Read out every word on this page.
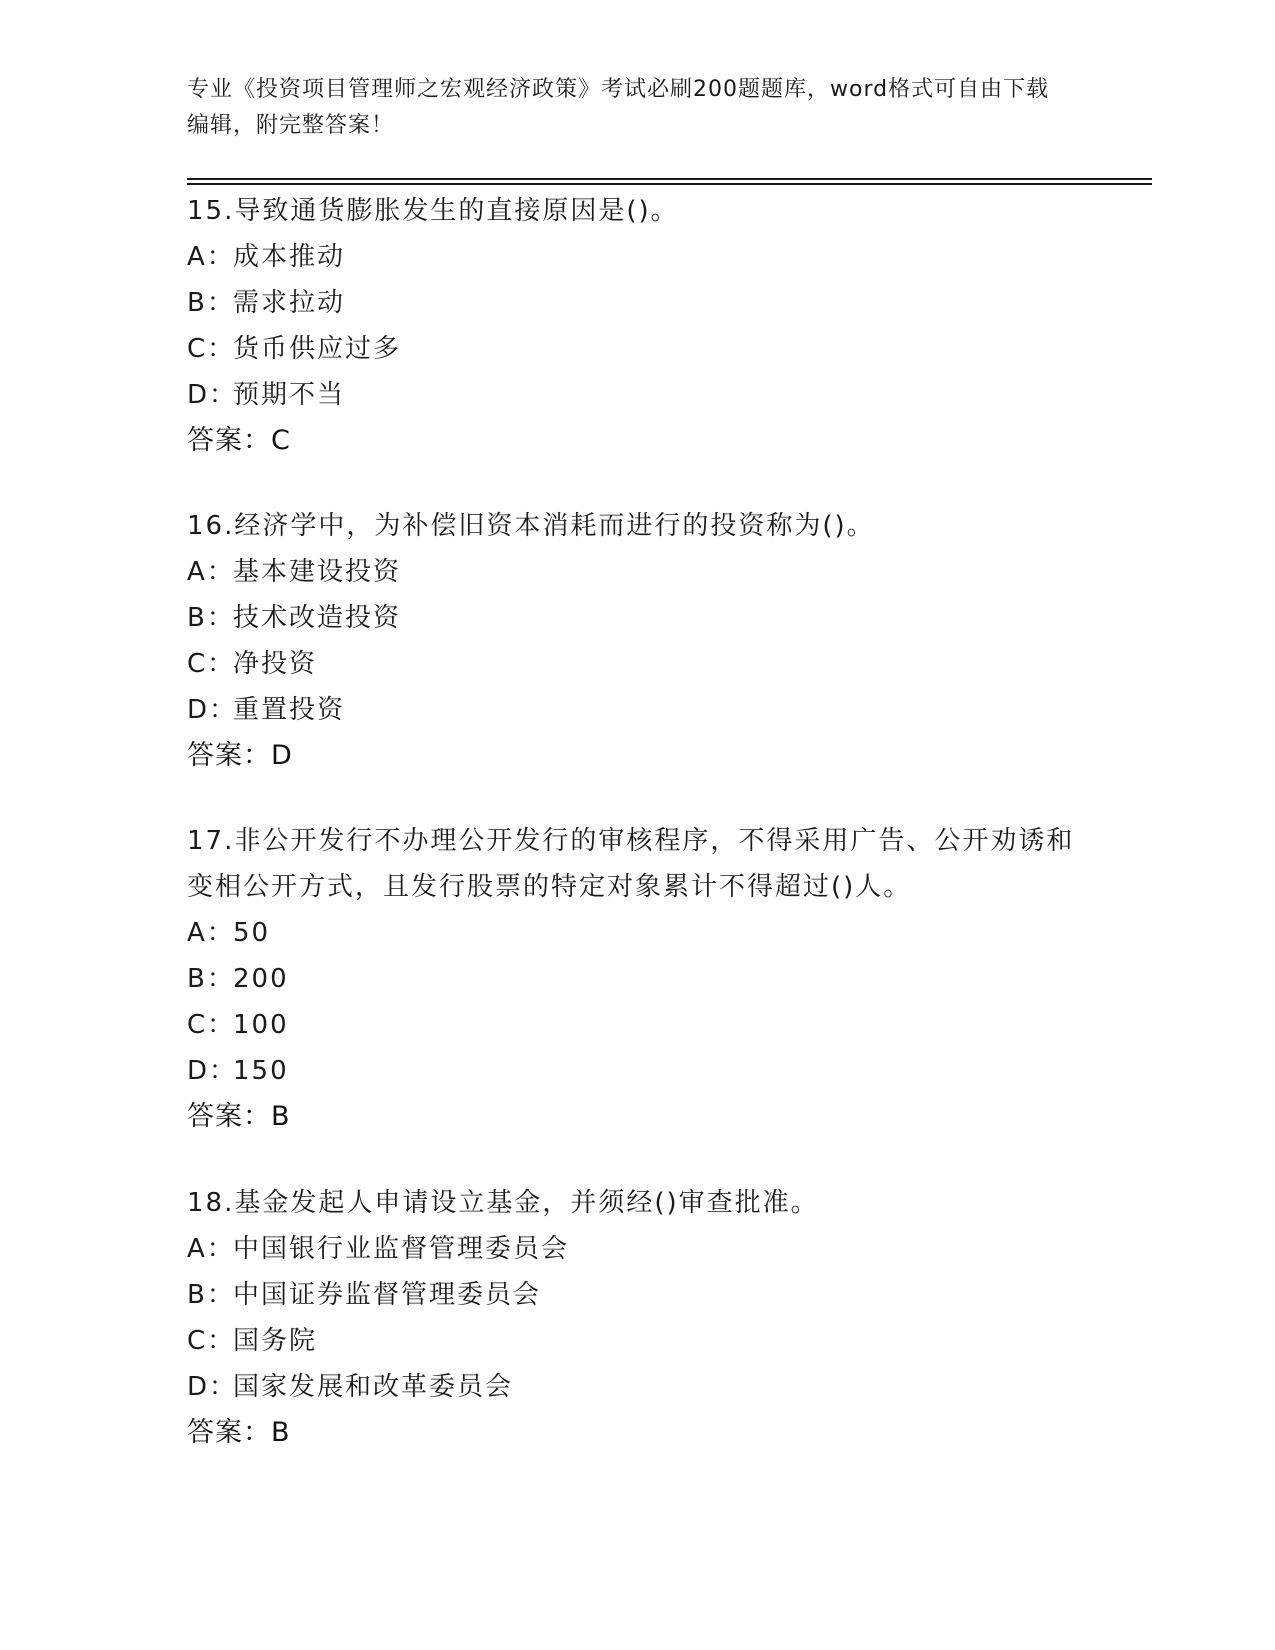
专业《投资项目管理师之宏观经济政策》考试必刷200题题库，word格式可自由下载编辑，附完整答案！
15.导致通货膨胀发生的直接原因是()。
A：成本推动
B：需求拉动
C：货币供应过多
D：预期不当
答案：C
16.经济学中，为补偿旧资本消耗而进行的投资称为()。
A：基本建设投资
B：技术改造投资
C：净投资
D：重置投资
答案：D
17.非公开发行不办理公开发行的审核程序，不得采用广告、公开劝诱和变相公开方式，且发行股票的特定对象累计不得超过()人。
A：50
B：200
C：100
D：150
答案：B
18.基金发起人申请设立基金，并须经()审查批准。
A：中国银行业监督管理委员会
B：中国证券监督管理委员会
C：国务院
D：国家发展和改革委员会
答案：B
